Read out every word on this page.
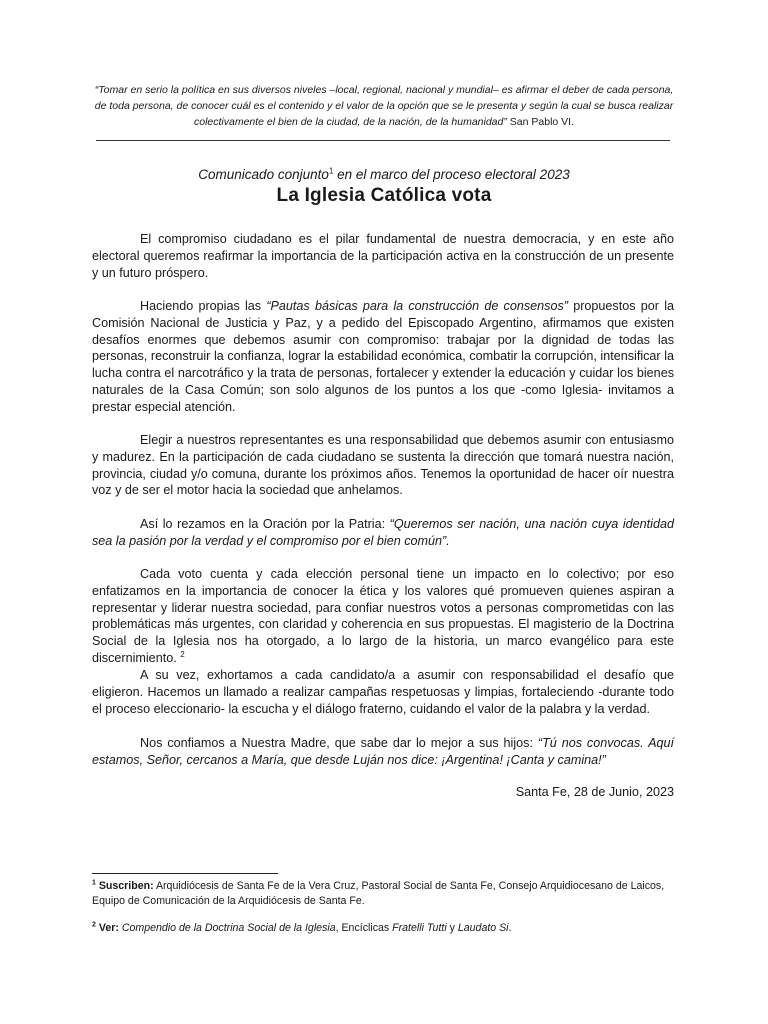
“Tomar en serio la política en sus diversos niveles –local, regional, nacional y mundial– es afirmar el deber de cada persona, de toda persona, de conocer cuál es el contenido y el valor de la opción que se le presenta y según la cual se busca realizar colectivamente el bien de la ciudad, de la nación, de la humanidad” San Pablo VI.
Comunicado conjunto$^1$ en el marco del proceso electoral 2023
La Iglesia Católica vota

El compromiso ciudadano es el pilar fundamental de nuestra democracia, y en este año electoral queremos reafirmar la importancia de la participación activa en la construcción de un presente y un futuro próspero.

Haciendo propias las “Pautas básicas para la construcción de consensos” propuestos por la Comisión Nacional de Justicia y Paz, y a pedido del Episcopado Argentino, afirmamos que existen desafíos enormes que debemos asumir con compromiso: trabajar por la dignidad de todas las personas, reconstruir la confianza, lograr la estabilidad económica, combatir la corrupción, intensificar la lucha contra el narcotráfico y la trata de personas, fortalecer y extender la educación y cuidar los bienes naturales de la Casa Común; son solo algunos de los puntos a los que -como Iglesia- invitamos a prestar especial atención.

Elegir a nuestros representantes es una responsabilidad que debemos asumir con entusiasmo y madurez. En la participación de cada ciudadano se sustenta la dirección que tomará nuestra nación, provincia, ciudad y/o comuna, durante los próximos años. Tenemos la oportunidad de hacer oír nuestra voz y de ser el motor hacia la sociedad que anhelamos.

Así lo rezamos en la Oración por la Patria: “Queremos ser nación, una nación cuya identidad sea la pasión por la verdad y el compromiso por el bien común”.

Cada voto cuenta y cada elección personal tiene un impacto en lo colectivo; por eso enfatizamos en la importancia de conocer la ética y los valores qué promueven quienes aspiran a representar y liderar nuestra sociedad, para confiar nuestros votos a personas comprometidas con las problemáticas más urgentes, con claridad y coherencia en sus propuestas. El magisterio de la Doctrina Social de la Iglesia nos ha otorgado, a lo largo de la historia, un marco evangélico para este discernimiento. $^2$

A su vez, exhortamos a cada candidato/a a asumir con responsabilidad el desafío que eligieron. Hacemos un llamado a realizar campañas respetuosas y limpias, fortaleciendo -durante todo el proceso eleccionario- la escucha y el diálogo fraterno, cuidando el valor de la palabra y la verdad.

Nos confiamos a Nuestra Madre, que sabe dar lo mejor a sus hijos: “Tú nos convocas. Aquí estamos, Señor, cercanos a María, que desde Luján nos dice: ¡Argentina! ¡Canta y camina!”

Santa Fe, 28 de Junio, 2023
$^1$ Suscriben: Arquidiócesis de Santa Fe de la Vera Cruz, Pastoral Social de Santa Fe, Consejo Arquidiocesano de Laicos, Equipo de Comunicación de la Arquidiócesis de Santa Fe.
$^2$ Ver: Compendio de la Doctrina Social de la Iglesia, Encíclicas Fratelli Tutti y Laudato Si.
